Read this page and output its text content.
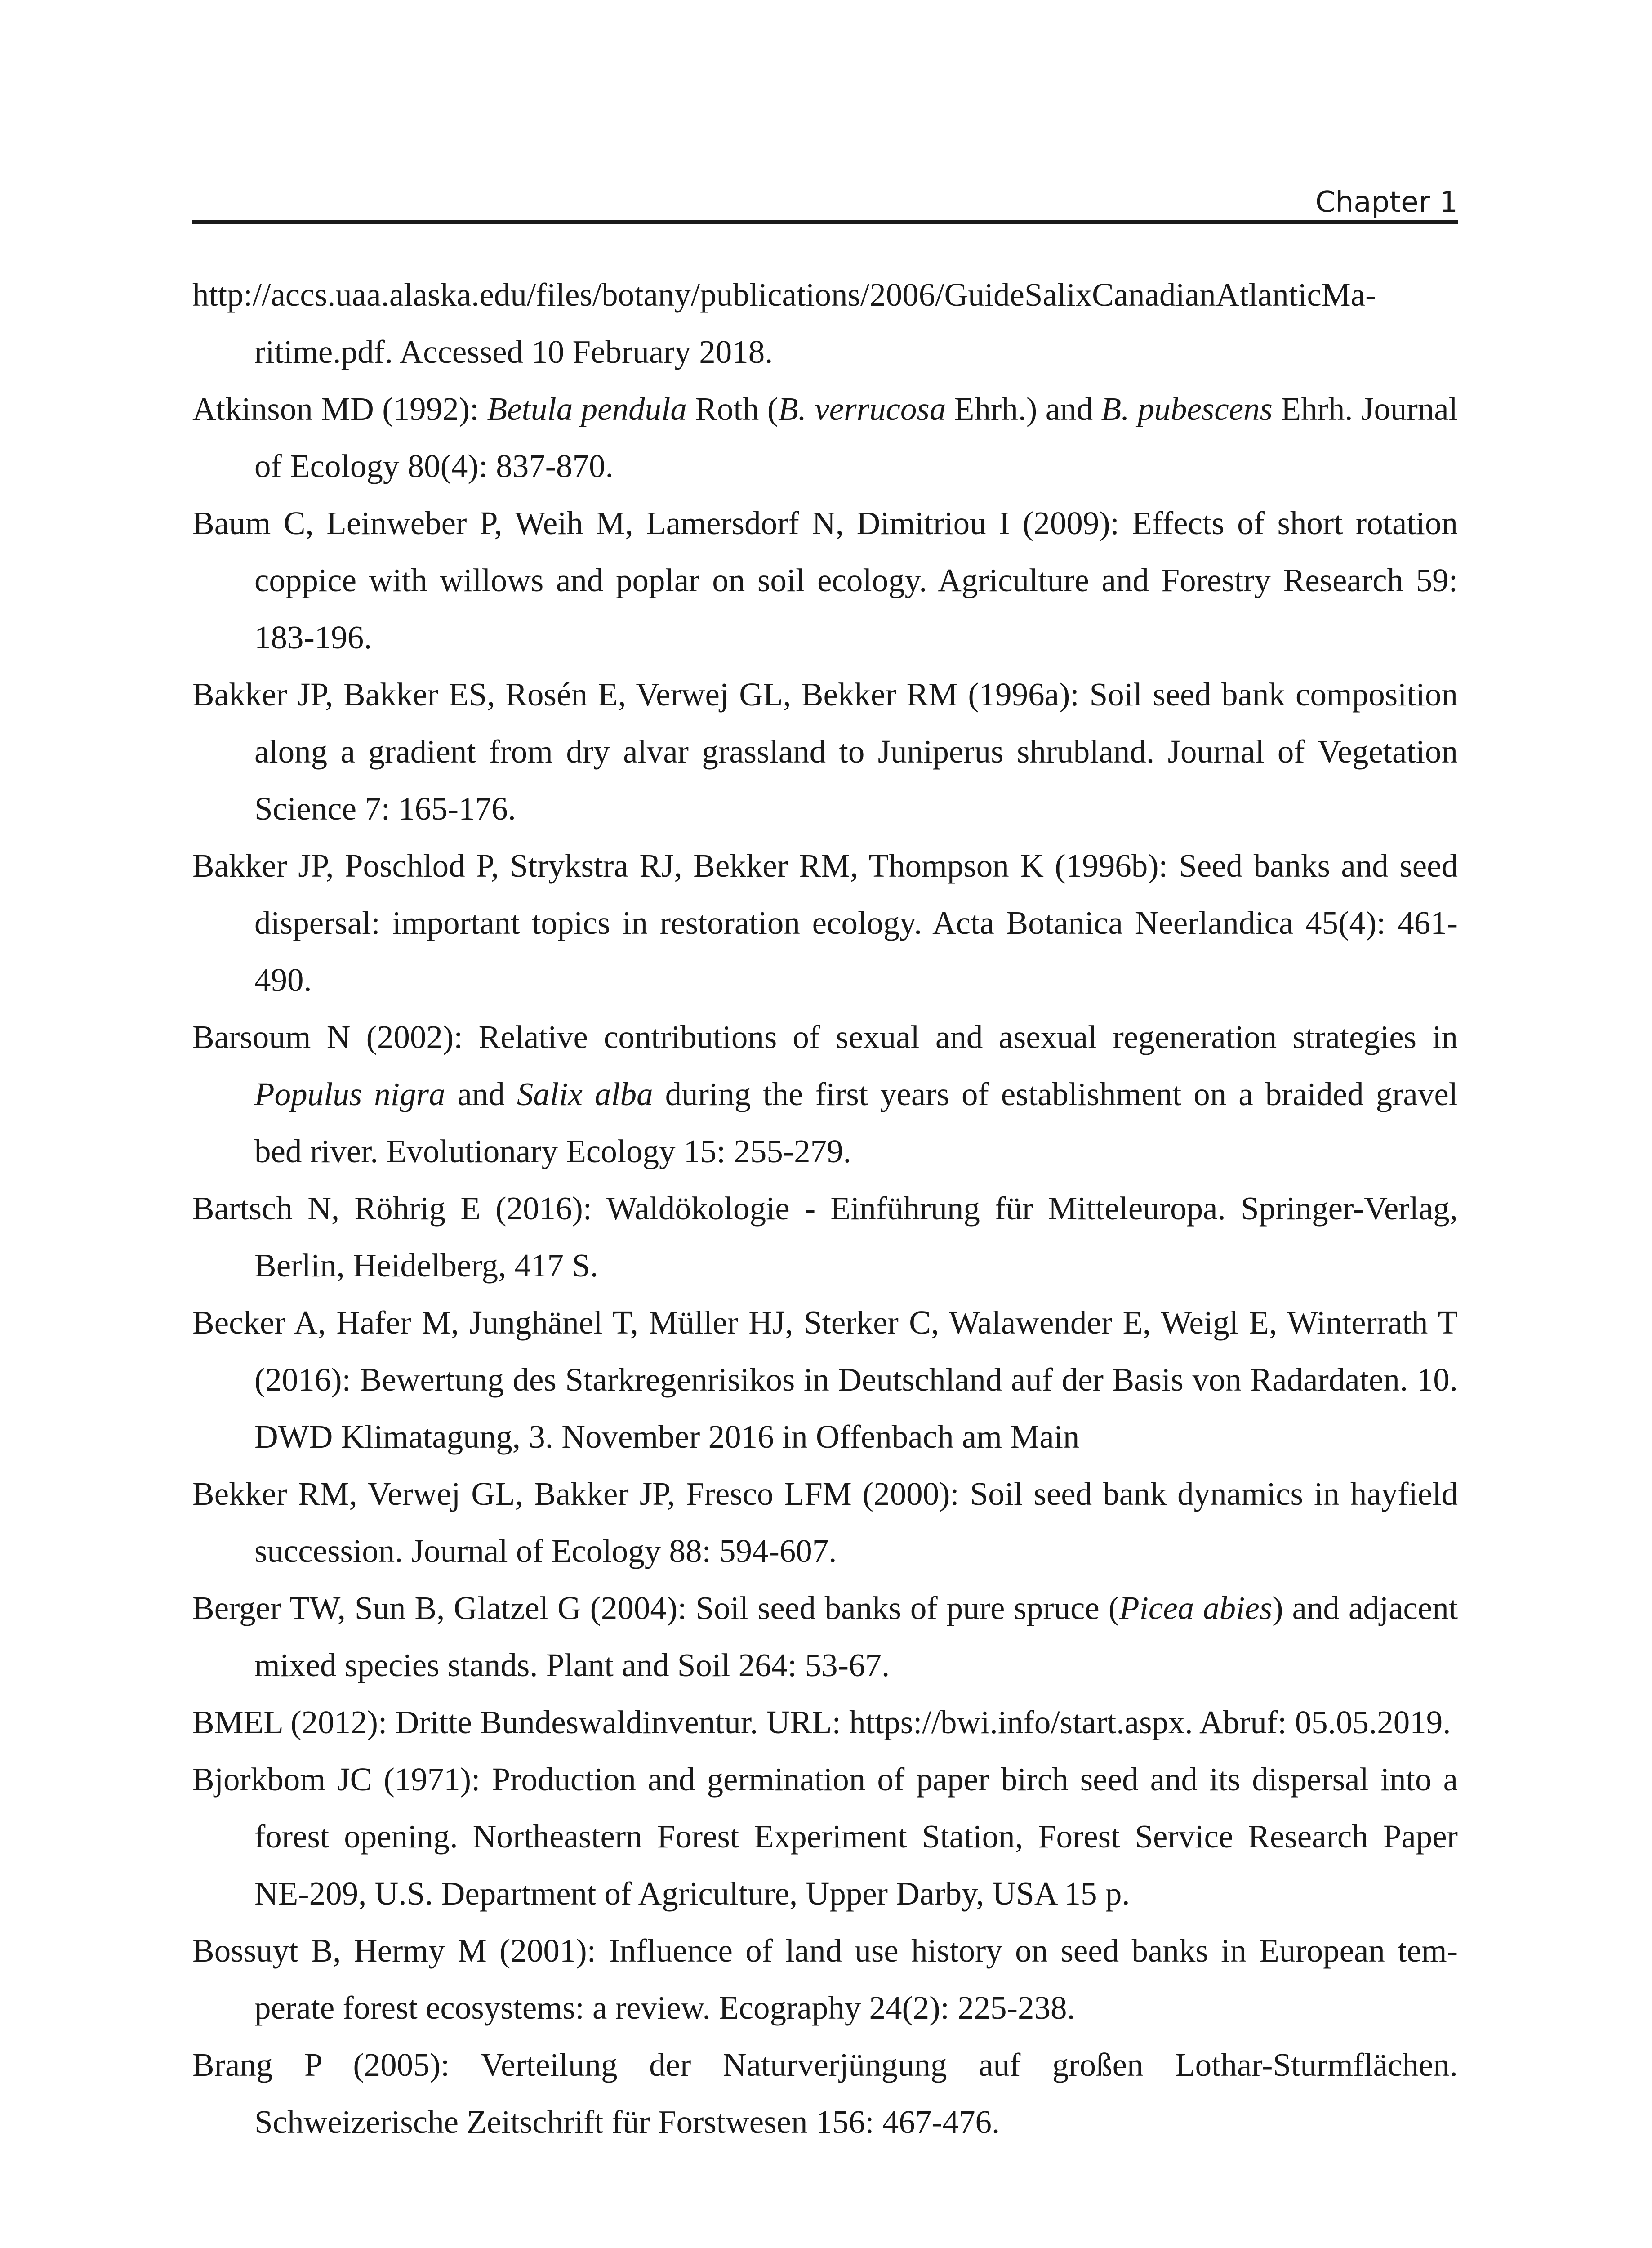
Chapter 1

http://accs.uaa.alaska.edu/files/botany/publications/2006/GuideSalixCanadianAtlanticMaritime.pdf. Accessed 10 February 2018.

Atkinson MD (1992): Betula pendula Roth (B. verrucosa Ehrh.) and B. pubescens Ehrh. Journal of Ecology 80(4): 837-870.

Baum C, Leinweber P, Weih M, Lamersdorf N, Dimitriou I (2009): Effects of short rotation coppice with willows and poplar on soil ecology. Agriculture and Forestry Research 59: 183-196.

Bakker JP, Bakker ES, Rosén E, Verwej GL, Bekker RM (1996a): Soil seed bank composition along a gradient from dry alvar grassland to Juniperus shrubland. Journal of Vegetation Science 7: 165-176.

Bakker JP, Poschlod P, Strykstra RJ, Bekker RM, Thompson K (1996b): Seed banks and seed dispersal: important topics in restoration ecology. Acta Botanica Neerlandica 45(4): 461-490.

Barsoum N (2002): Relative contributions of sexual and asexual regeneration strategies in Populus nigra and Salix alba during the first years of establishment on a braided gravel bed river. Evolutionary Ecology 15: 255-279.

Bartsch N, Röhrig E (2016): Waldökologie - Einführung für Mitteleuropa. Springer-Verlag, Berlin, Heidelberg, 417 S.

Becker A, Hafer M, Junghänel T, Müller HJ, Sterker C, Walawender E, Weigl E, Winterrath T (2016): Bewertung des Starkregenrisikos in Deutschland auf der Basis von Radardaten. 10. DWD Klimatagung, 3. November 2016 in Offenbach am Main

Bekker RM, Verwej GL, Bakker JP, Fresco LFM (2000): Soil seed bank dynamics in hayfield succession. Journal of Ecology 88: 594-607.

Berger TW, Sun B, Glatzel G (2004): Soil seed banks of pure spruce (Picea abies) and adjacent mixed species stands. Plant and Soil 264: 53-67.

BMEL (2012): Dritte Bundeswaldinventur. URL: https://bwi.info/start.aspx. Abruf: 05.05.2019.

Bjorkbom JC (1971): Production and germination of paper birch seed and its dispersal into a forest opening. Northeastern Forest Experiment Station, Forest Service Research Paper NE-209, U.S. Department of Agriculture, Upper Darby, USA 15 p.

Bossuyt B, Hermy M (2001): Influence of land use history on seed banks in European temperate forest ecosystems: a review. Ecography 24(2): 225-238.

Brang P (2005): Verteilung der Naturverjüngung auf großen Lothar-Sturmflächen. Schweizerische Zeitschrift für Forstwesen 156: 467-476.
